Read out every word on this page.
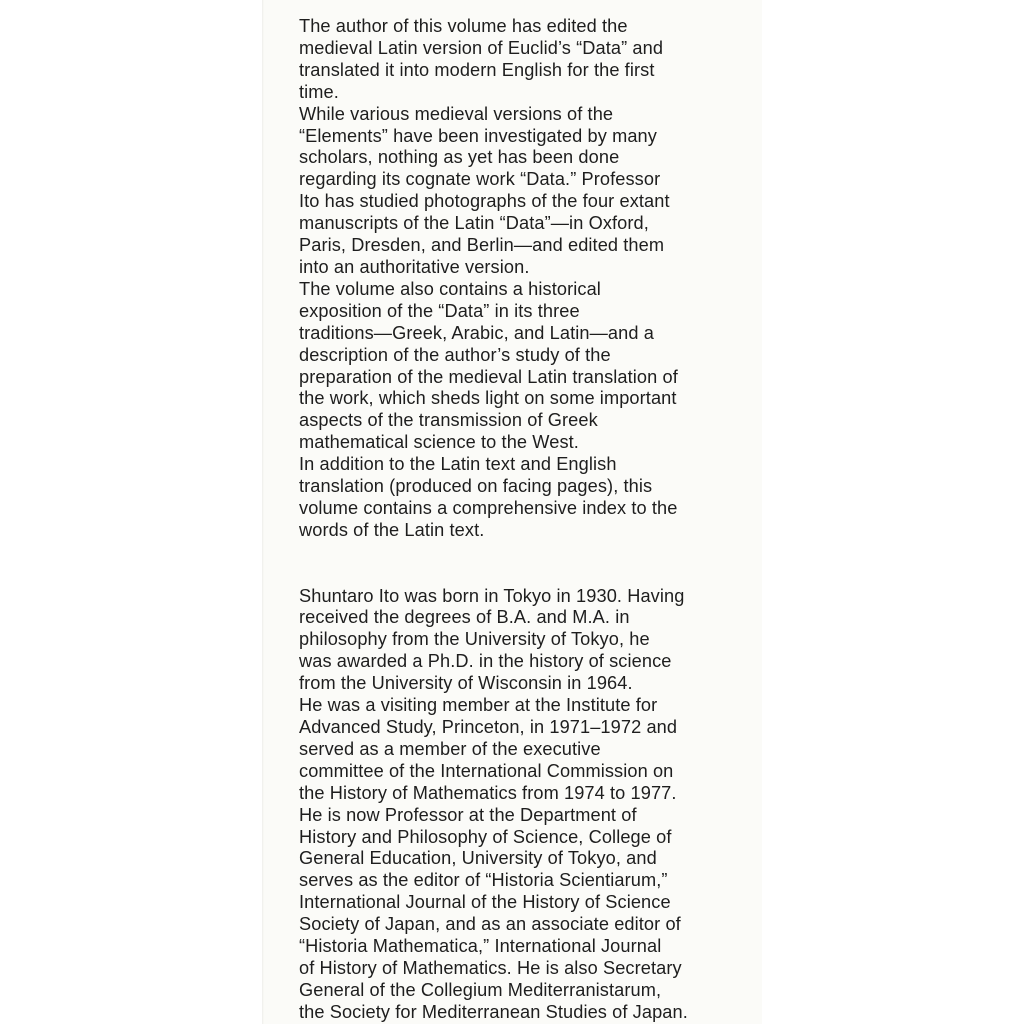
The author of this volume has edited the
medieval Latin version of Euclid’s “Data” and
translated it into modern English for the first
time.
While various medieval versions of the
“Elements” have been investigated by many
scholars, nothing as yet has been done
regarding its cognate work “Data.” Professor
Ito has studied photographs of the four extant
manuscripts of the Latin “Data”—in Oxford,
Paris, Dresden, and Berlin—and edited them
into an authoritative version.
The volume also contains a historical
exposition of the “Data” in its three
traditions—Greek, Arabic, and Latin—and a
description of the author’s study of the
preparation of the medieval Latin translation of
the work, which sheds light on some important
aspects of the transmission of Greek
mathematical science to the West.
In addition to the Latin text and English
translation (produced on facing pages), this
volume contains a comprehensive index to the
words of the Latin text.
Shuntaro Ito was born in Tokyo in 1930. Having
received the degrees of B.A. and M.A. in
philosophy from the University of Tokyo, he
was awarded a Ph.D. in the history of science
from the University of Wisconsin in 1964.
He was a visiting member at the Institute for
Advanced Study, Princeton, in 1971–1972 and
served as a member of the executive
committee of the International Commission on
the History of Mathematics from 1974 to 1977.
He is now Professor at the Department of
History and Philosophy of Science, College of
General Education, University of Tokyo, and
serves as the editor of “Historia Scientiarum,”
International Journal of the History of Science
Society of Japan, and as an associate editor of
“Historia Mathematica,” International Journal
of History of Mathematics. He is also Secretary
General of the Collegium Mediterranistarum,
the Society for Mediterranean Studies of Japan.
